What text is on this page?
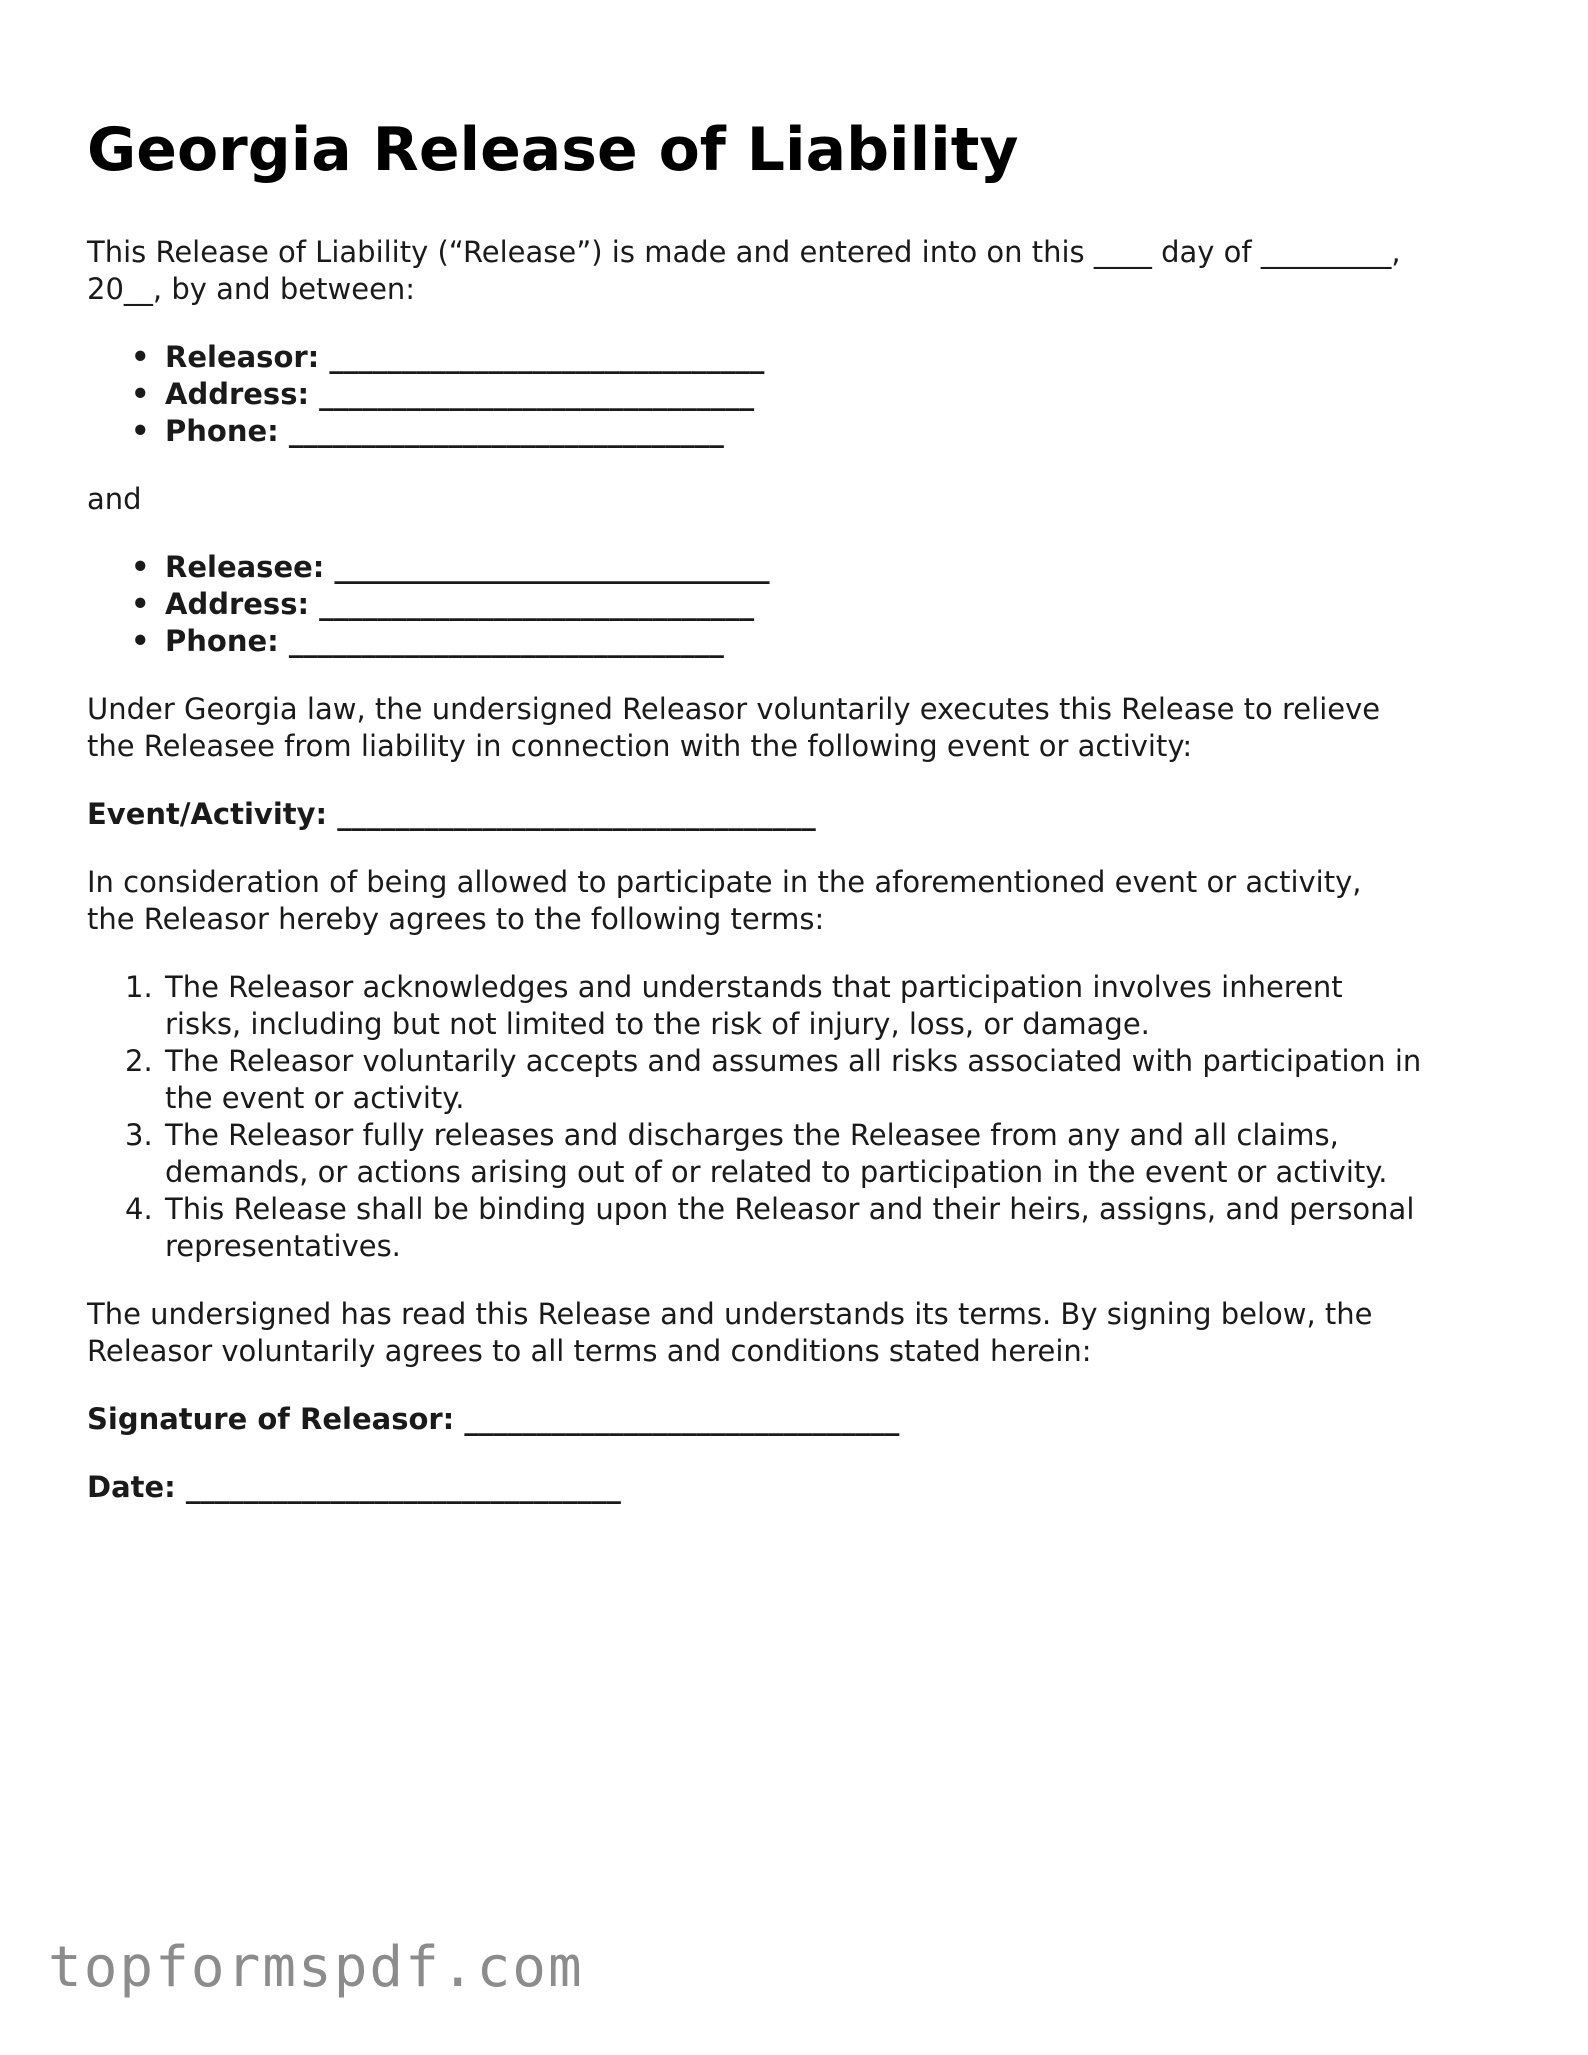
Georgia Release of Liability

This Release of Liability (“Release”) is made and entered into on this ____ day of _________,
20__, by and between:

• Releasor: ______________________________
• Address: ______________________________
• Phone: ______________________________

and

• Releasee: ______________________________
• Address: ______________________________
• Phone: ______________________________

Under Georgia law, the undersigned Releasor voluntarily executes this Release to relieve
the Releasee from liability in connection with the following event or activity:

Event/Activity: _________________________________

In consideration of being allowed to participate in the aforementioned event or activity,
the Releasor hereby agrees to the following terms:

1. The Releasor acknowledges and understands that participation involves inherent
risks, including but not limited to the risk of injury, loss, or damage.
2. The Releasor voluntarily accepts and assumes all risks associated with participation in
the event or activity.
3. The Releasor fully releases and discharges the Releasee from any and all claims,
demands, or actions arising out of or related to participation in the event or activity.
4. This Release shall be binding upon the Releasor and their heirs, assigns, and personal
representatives.

The undersigned has read this Release and understands its terms. By signing below, the
Releasor voluntarily agrees to all terms and conditions stated herein:

Signature of Releasor: ______________________________

Date: ______________________________

topformspdf.com
